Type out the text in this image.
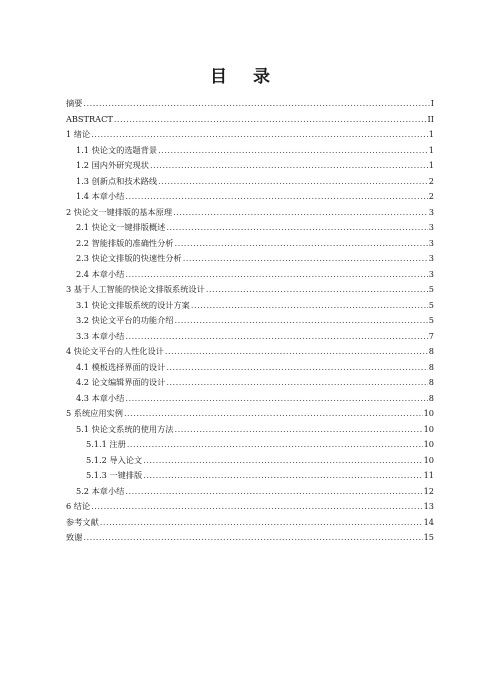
目 录
摘要 .....	I
ABSTRACT .....	II
1 绪论 .....	1
1.1 快论文的选题背景 .....	1
1.2 国内外研究现状 .....	1
1.3 创新点和技术路线 .....	2
1.4 本章小结 .....	2
2 快论文一键排版的基本原理 .....	3
2.1 快论文一键排版概述 .....	3
2.2 智能排版的准确性分析 .....	3
2.3 快论文排版的快速性分析 .....	3
2.4 本章小结 .....	3
3 基于人工智能的快论文排版系统设计 .....	5
3.1 快论文排版系统的设计方案 .....	5
3.2 快论文平台的功能介绍 .....	5
3.3 本章小结 .....	7
4 快论文平台的人性化设计 .....	8
4.1 模板选择界面的设计 .....	8
4.2 论文编辑界面的设计 .....	8
4.3 本章小结 .....	8
5 系统应用实例 .....	10
5.1 快论文系统的使用方法 .....	10
5.1.1 注册 .....	10
5.1.2 导入论文 .....	10
5.1.3 一键排版 .....	11
5.2 本章小结 .....	12
6 结论 .....	13
参考文献 .....	14
致谢 .....	15
